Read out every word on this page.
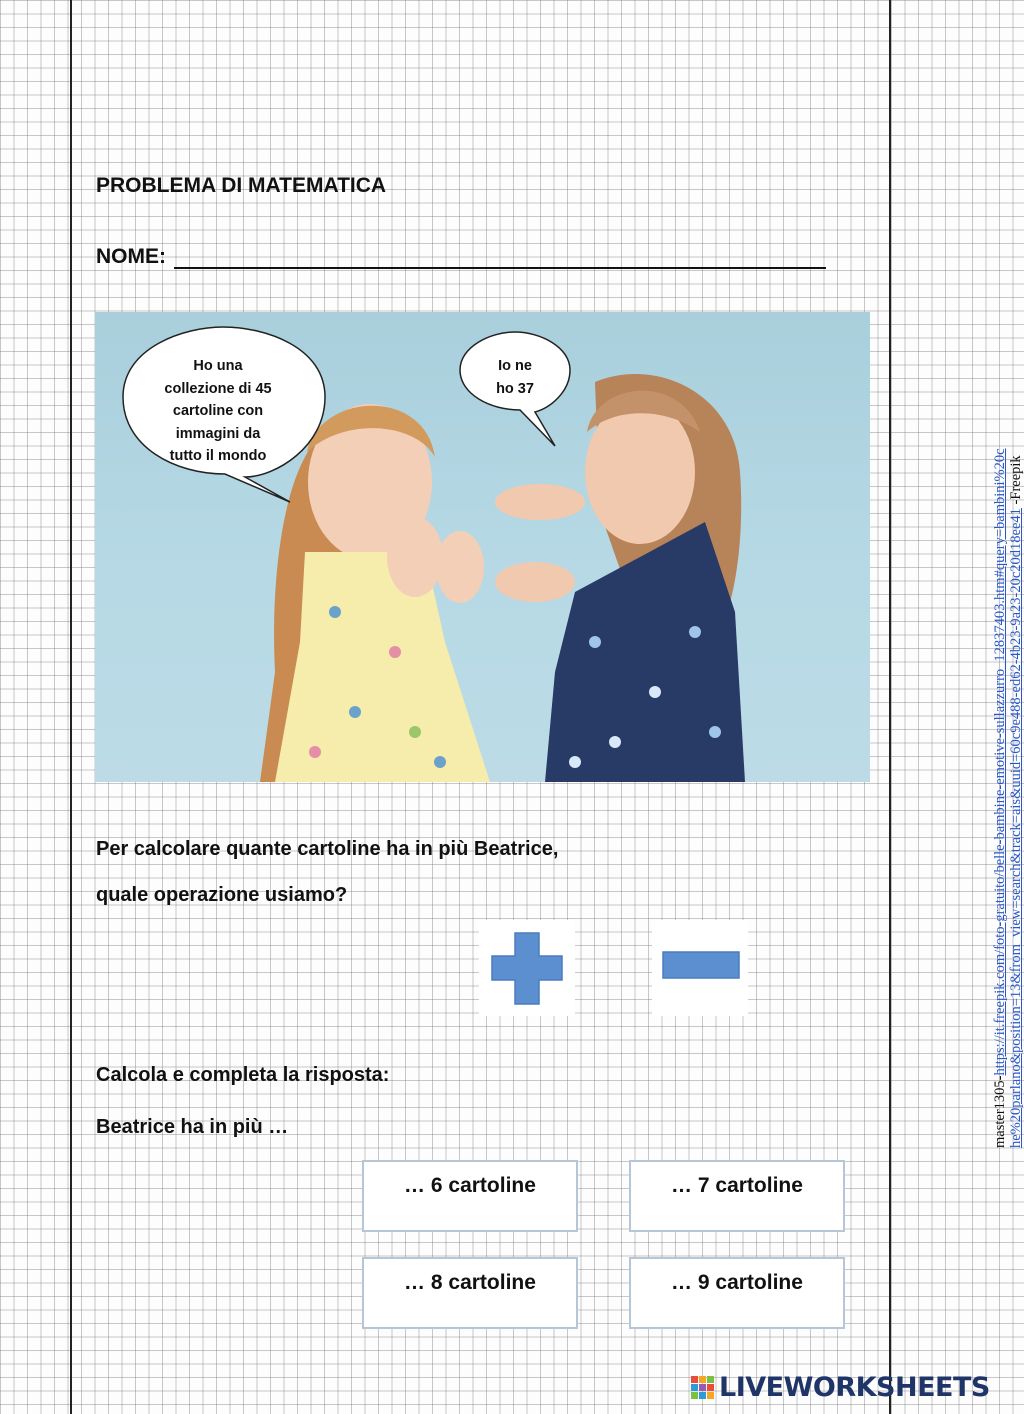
PROBLEMA DI MATEMATICA
NOME:
Ho una
collezione di 45
cartoline con
immagini da
tutto il mondo
Io ne
ho 37
Per calcolare quante cartoline ha in più Beatrice,
quale operazione usiamo?
Calcola e completa la risposta:
Beatrice ha in più …
… 6 cartoline	… 7 cartoline
… 8 cartoline	… 9 cartoline
master1305-https://it.freepik.com/foto-gratuito/belle-bambine-emotive-sullazzurro_12837403.htm#query=bambini%20che%20parlano&position=13&from_view=search&track=ais&uuid=60c9e488-ed62-4b23-9a23-20c20d18ee41 -Freepik
LIVEWORKSHEETS
